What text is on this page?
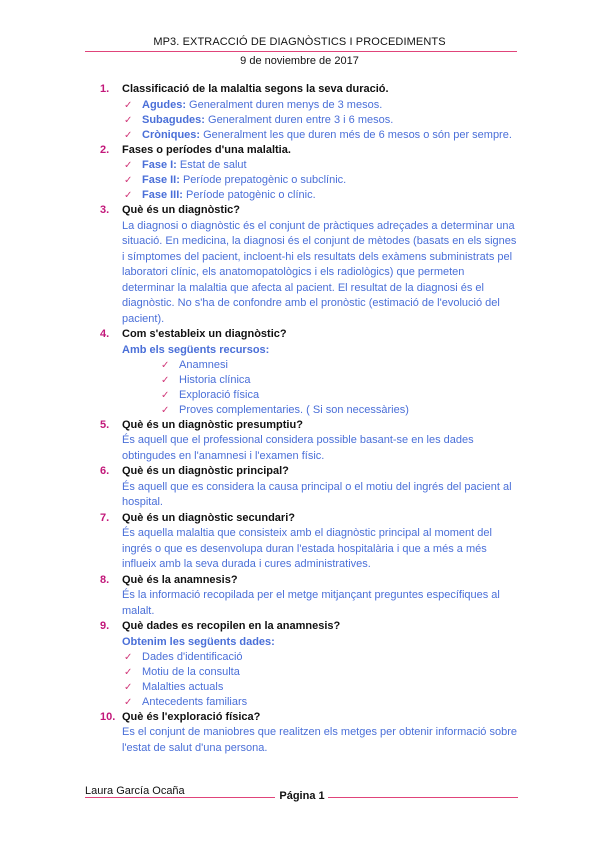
MP3. EXTRACCIÓ DE DIAGNÒSTICS I PROCEDIMENTS
9 de noviembre de 2017
1.	Classificació de la malaltia segons la seva duració.
✓ Agudes: Generalment duren menys de 3 mesos.
✓ Subagudes: Generalment duren entre 3 i 6 mesos.
✓ Cròniques: Generalment les que duren més de 6 mesos o són per sempre.
2.	Fases o períodes d'una malaltia.
✓ Fase I: Estat de salut
✓ Fase II: Període prepatogènic o subclínic.
✓ Fase III: Període patogènic o clínic.
3.	Què és un diagnòstic?
La diagnosi o diagnòstic és el conjunt de pràctiques adreçades a determinar una situació. En medicina, la diagnosi és el conjunt de mètodes (basats en els signes i símptomes del pacient, incloent-hi els resultats dels exàmens subministrats pel laboratori clínic, els anatomopatològics i els radiològics) que permeten determinar la malaltia que afecta al pacient. El resultat de la diagnosi és el diagnòstic. No s'ha de confondre amb el pronòstic (estimació de l'evolució del pacient).
4.	Com s'estableix un diagnòstic?
Amb els següents recursos:
✓ Anamnesi
✓ Historia clínica
✓ Exploració física
✓ Proves complementaries. ( Si son necessàries)
5.	Què és un diagnòstic presumptiu?
És aquell que el professional considera possible basant-se en les dades obtingudes en l'anamnesi i l'examen físic.
6.	Què és un diagnòstic principal?
És aquell que es considera la causa principal o el motiu del ingrés del pacient al hospital.
7.	Què és un diagnòstic secundari?
És aquella malaltia que consisteix amb el diagnòstic principal al moment del ingrés o que es desenvolupa duran l'estada hospitalària i que a més a més influeix amb la seva durada i cures administratives.
8.	Què és la anamnesis?
És la informació recopilada per el metge mitjançant preguntes específiques al malalt.
9.	Què dades es recopilen en la anamnesis?
Obtenim les següents dades:
✓ Dades d'identificació
✓ Motiu de la consulta
✓ Malalties actuals
✓ Antecedents familiars
10. Què és l'exploració física?
Es el conjunt de maniobres que realitzen els metges per obtenir informació sobre l'estat de salut d'una persona.
Laura García Ocaña	Página 1
